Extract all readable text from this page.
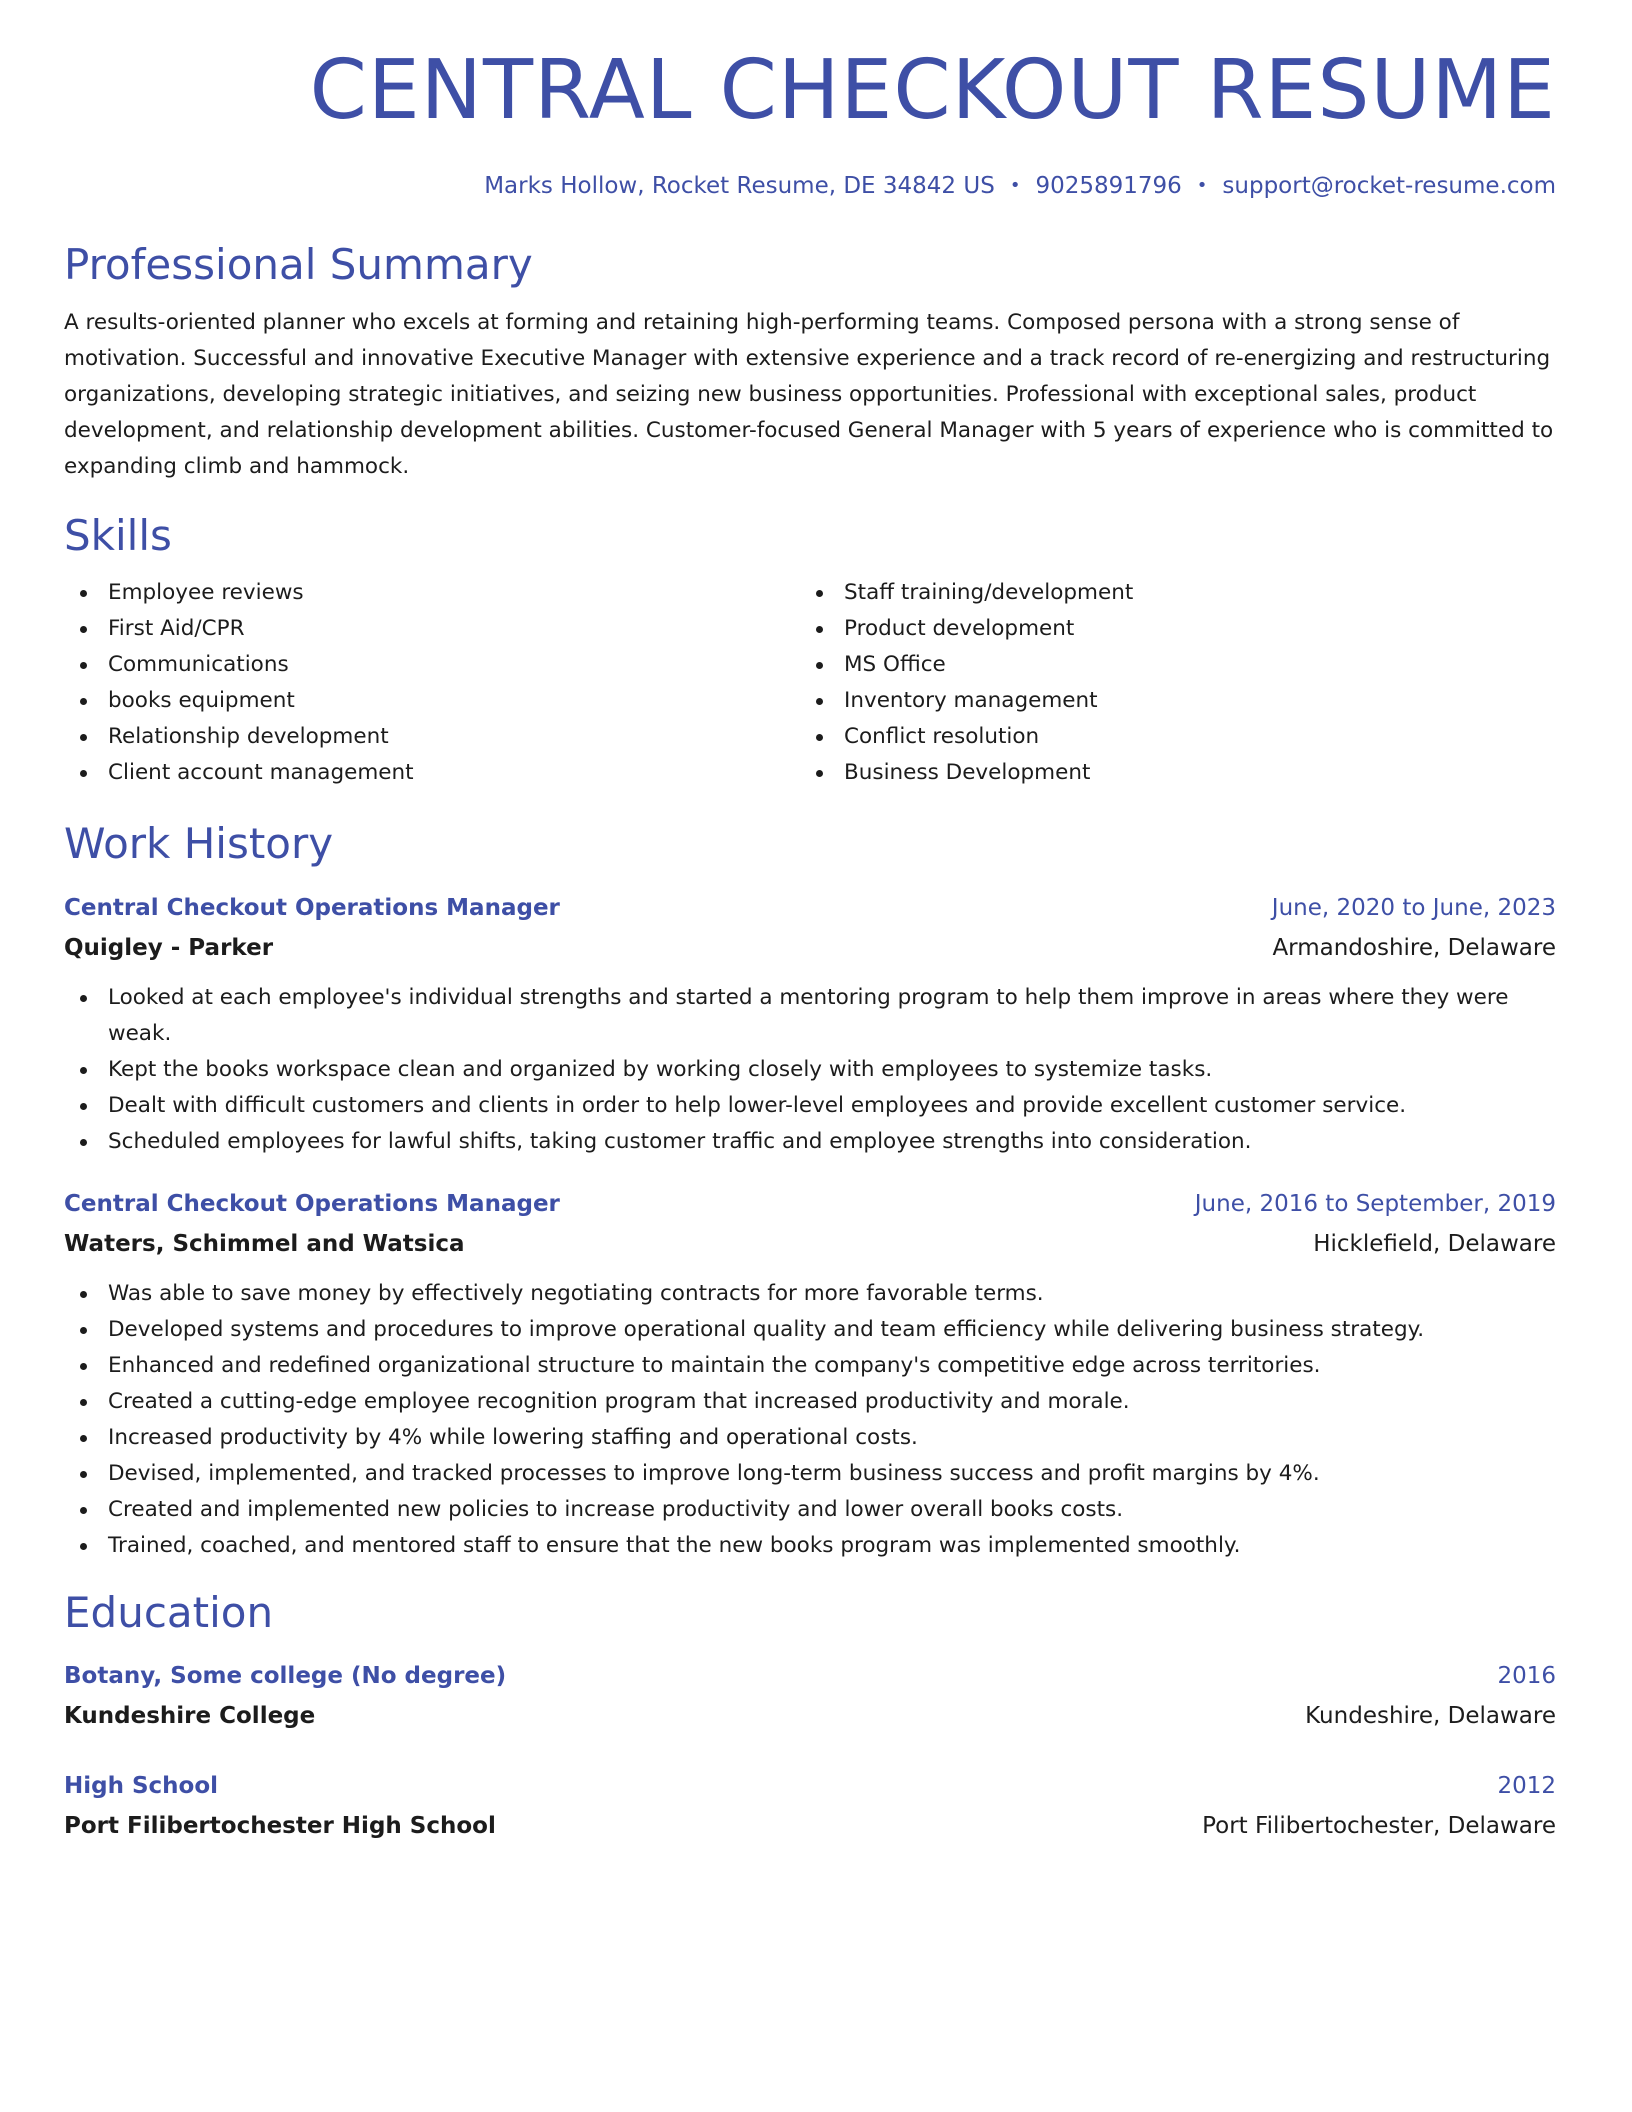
CENTRAL CHECKOUT RESUME
Marks Hollow, Rocket Resume, DE 34842 US • 9025891796 • support@rocket-resume.com
Professional Summary
A results-oriented planner who excels at forming and retaining high-performing teams. Composed persona with a strong sense of motivation. Successful and innovative Executive Manager with extensive experience and a track record of re-energizing and restructuring organizations, developing strategic initiatives, and seizing new business opportunities. Professional with exceptional sales, product development, and relationship development abilities. Customer-focused General Manager with 5 years of experience who is committed to expanding climb and hammock.
Skills
Employee reviews
First Aid/CPR
Communications
books equipment
Relationship development
Client account management
Staff training/development
Product development
MS Office
Inventory management
Conflict resolution
Business Development
Work History
Central Checkout Operations Manager	June, 2020 to June, 2023
Quigley - Parker	Armandoshire, Delaware
Looked at each employee's individual strengths and started a mentoring program to help them improve in areas where they were weak.
Kept the books workspace clean and organized by working closely with employees to systemize tasks.
Dealt with difficult customers and clients in order to help lower-level employees and provide excellent customer service.
Scheduled employees for lawful shifts, taking customer traffic and employee strengths into consideration.
Central Checkout Operations Manager	June, 2016 to September, 2019
Waters, Schimmel and Watsica	Hicklefield, Delaware
Was able to save money by effectively negotiating contracts for more favorable terms.
Developed systems and procedures to improve operational quality and team efficiency while delivering business strategy.
Enhanced and redefined organizational structure to maintain the company's competitive edge across territories.
Created a cutting-edge employee recognition program that increased productivity and morale.
Increased productivity by 4% while lowering staffing and operational costs.
Devised, implemented, and tracked processes to improve long-term business success and profit margins by 4%.
Created and implemented new policies to increase productivity and lower overall books costs.
Trained, coached, and mentored staff to ensure that the new books program was implemented smoothly.
Education
Botany, Some college (No degree)	2016
Kundeshire College	Kundeshire, Delaware
High School	2012
Port Filibertochester High School	Port Filibertochester, Delaware
